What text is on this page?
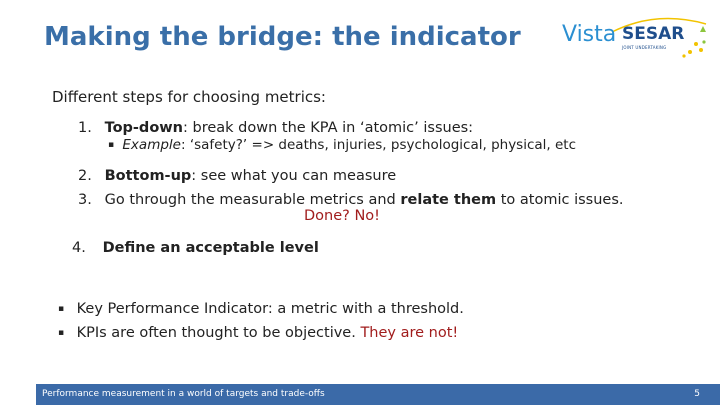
Making the bridge: the indicator Vista SESAR
JOINT UNDERTAKING
Different steps for choosing metrics:
1. Top-down: break down the KPA in ‘atomic’ issues:
2. Bottom-up: see what you can measure
3. Go through the measurable metrics and relate them to atomic issues.
▪ Example: ‘safety?’ => deaths, injuries, psychological, physical, etc
Done? No!
4. Define an acceptable level
▪ Key Performance Indicator: a metric with a threshold.
▪ KPIs are often thought to be objective. They are not!
Performance measurement in a world of targets and trade-offs	5
